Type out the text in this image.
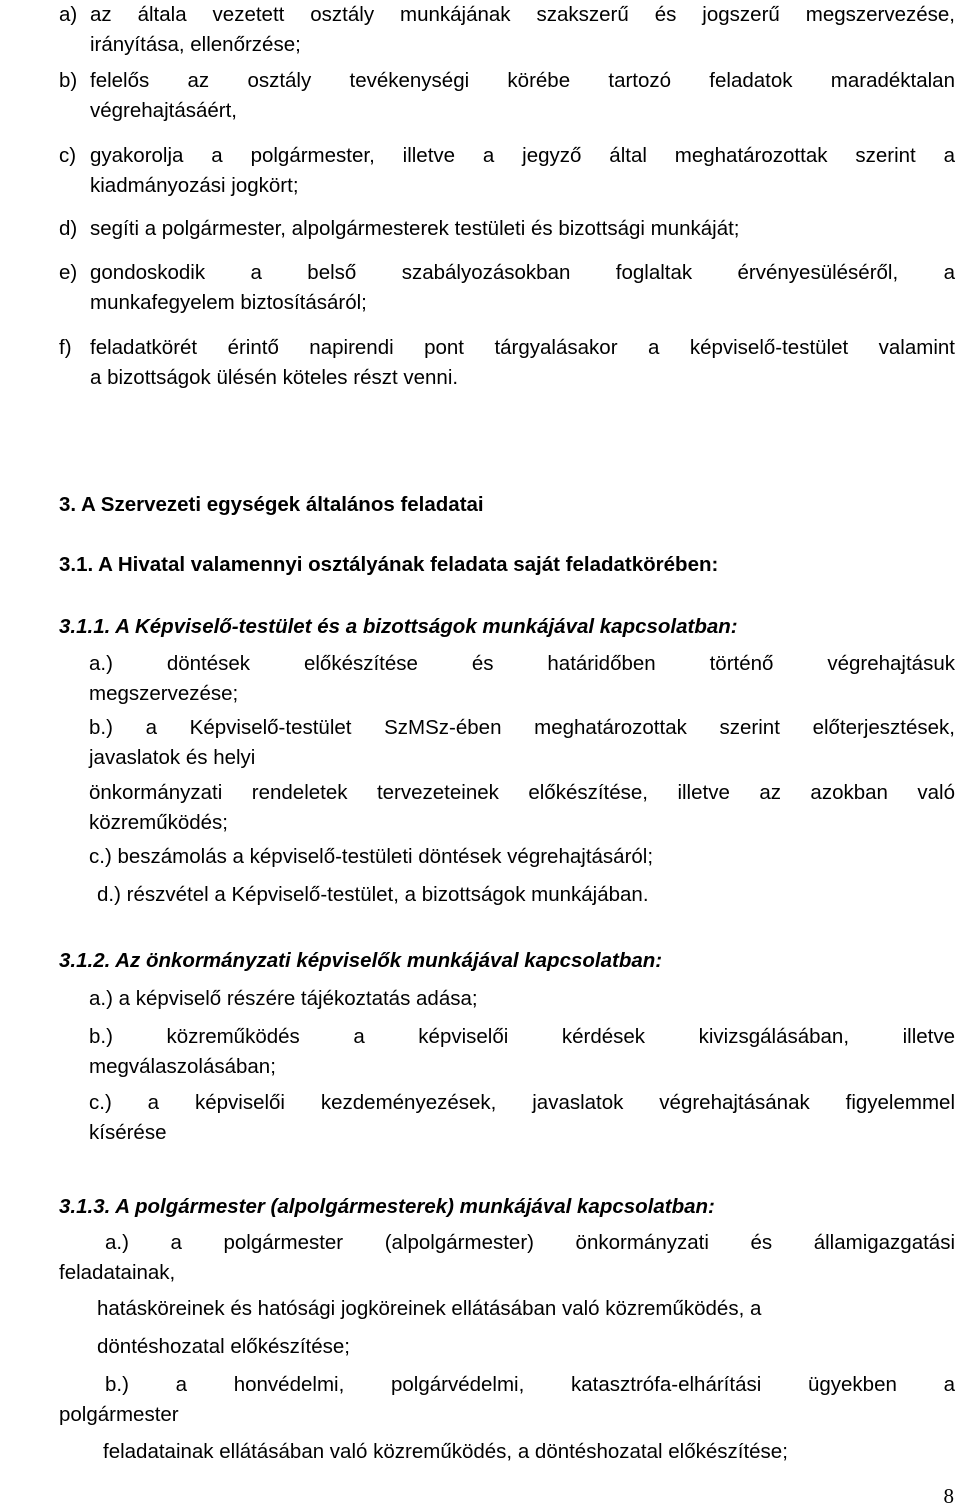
a) az általa vezetett osztály munkájának szakszerű és jogszerű megszervezése,
irányítása, ellenőrzése;
b) felelős az osztály tevékenységi körébe tartozó feladatok maradéktalan
végrehajtásáért,
c) gyakorolja a polgármester, illetve a jegyző által meghatározottak szerint a
kiadmányozási jogkört;
d) segíti a polgármester, alpolgármesterek testületi és bizottsági munkáját;
e) gondoskodik a belső szabályozásokban foglaltak érvényesüléséről, a
munkafegyelem biztosításáról;
f) feladatkörét érintő napirendi pont tárgyalásakor a képviselő-testület valamint
a bizottságok ülésén köteles részt venni.
3. A Szervezeti egységek általános feladatai
3.1. A Hivatal valamennyi osztályának feladata saját feladatkörében:
3.1.1. A Képviselő-testület és a bizottságok munkájával kapcsolatban:
a.) döntések előkészítése és határidőben történő végrehajtásuk
megszervezése;
b.) a Képviselő-testület SzMSz-ében meghatározottak szerint előterjesztések,
javaslatok és helyi
önkormányzati rendeletek tervezeteinek előkészítése, illetve az azokban való
közreműködés;
c.) beszámolás a képviselő-testületi döntések végrehajtásáról;
d.) részvétel a Képviselő-testület, a bizottságok munkájában.
3.1.2. Az önkormányzati képviselők munkájával kapcsolatban:
a.) a képviselő részére tájékoztatás adása;
b.) közreműködés a képviselői kérdések kivizsgálásában, illetve
megválaszolásában;
c.) a képviselői kezdeményezések, javaslatok végrehajtásának figyelemmel
kísérése
3.1.3. A polgármester (alpolgármesterek) munkájával kapcsolatban:
a.) a polgármester (alpolgármester) önkormányzati és államigazgatási
feladatainak,
hatásköreinek és hatósági jogköreinek ellátásában való közreműködés, a
döntéshozatal előkészítése;
b.) a honvédelmi, polgárvédelmi, katasztrófa-elhárítási ügyekben a
polgármester
feladatainak ellátásában való közreműködés, a döntéshozatal előkészítése;
8
